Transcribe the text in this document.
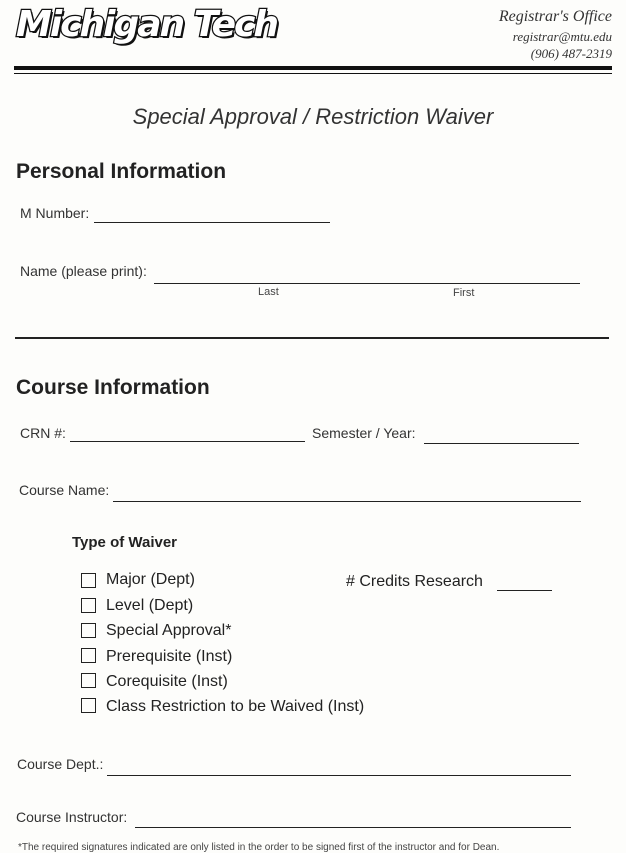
Michigan Tech	Registrar's Office
registrar@mtu.edu
(906) 487-2319
Special Approval / Restriction Waiver
Personal Information
M Number:
Name (please print):
Last	First
Course Information
CRN #:	Semester / Year:
Course Name:
Type of Waiver
Major (Dept)
Level (Dept)
Special Approval*
Prerequisite (Inst)
Corequisite (Inst)
Class Restriction to be Waived (Inst)
# Credits Research
Course Dept.:
Course Instructor:
*The required signatures indicated are only listed in the order to be signed first of the instructor and for Dean.
